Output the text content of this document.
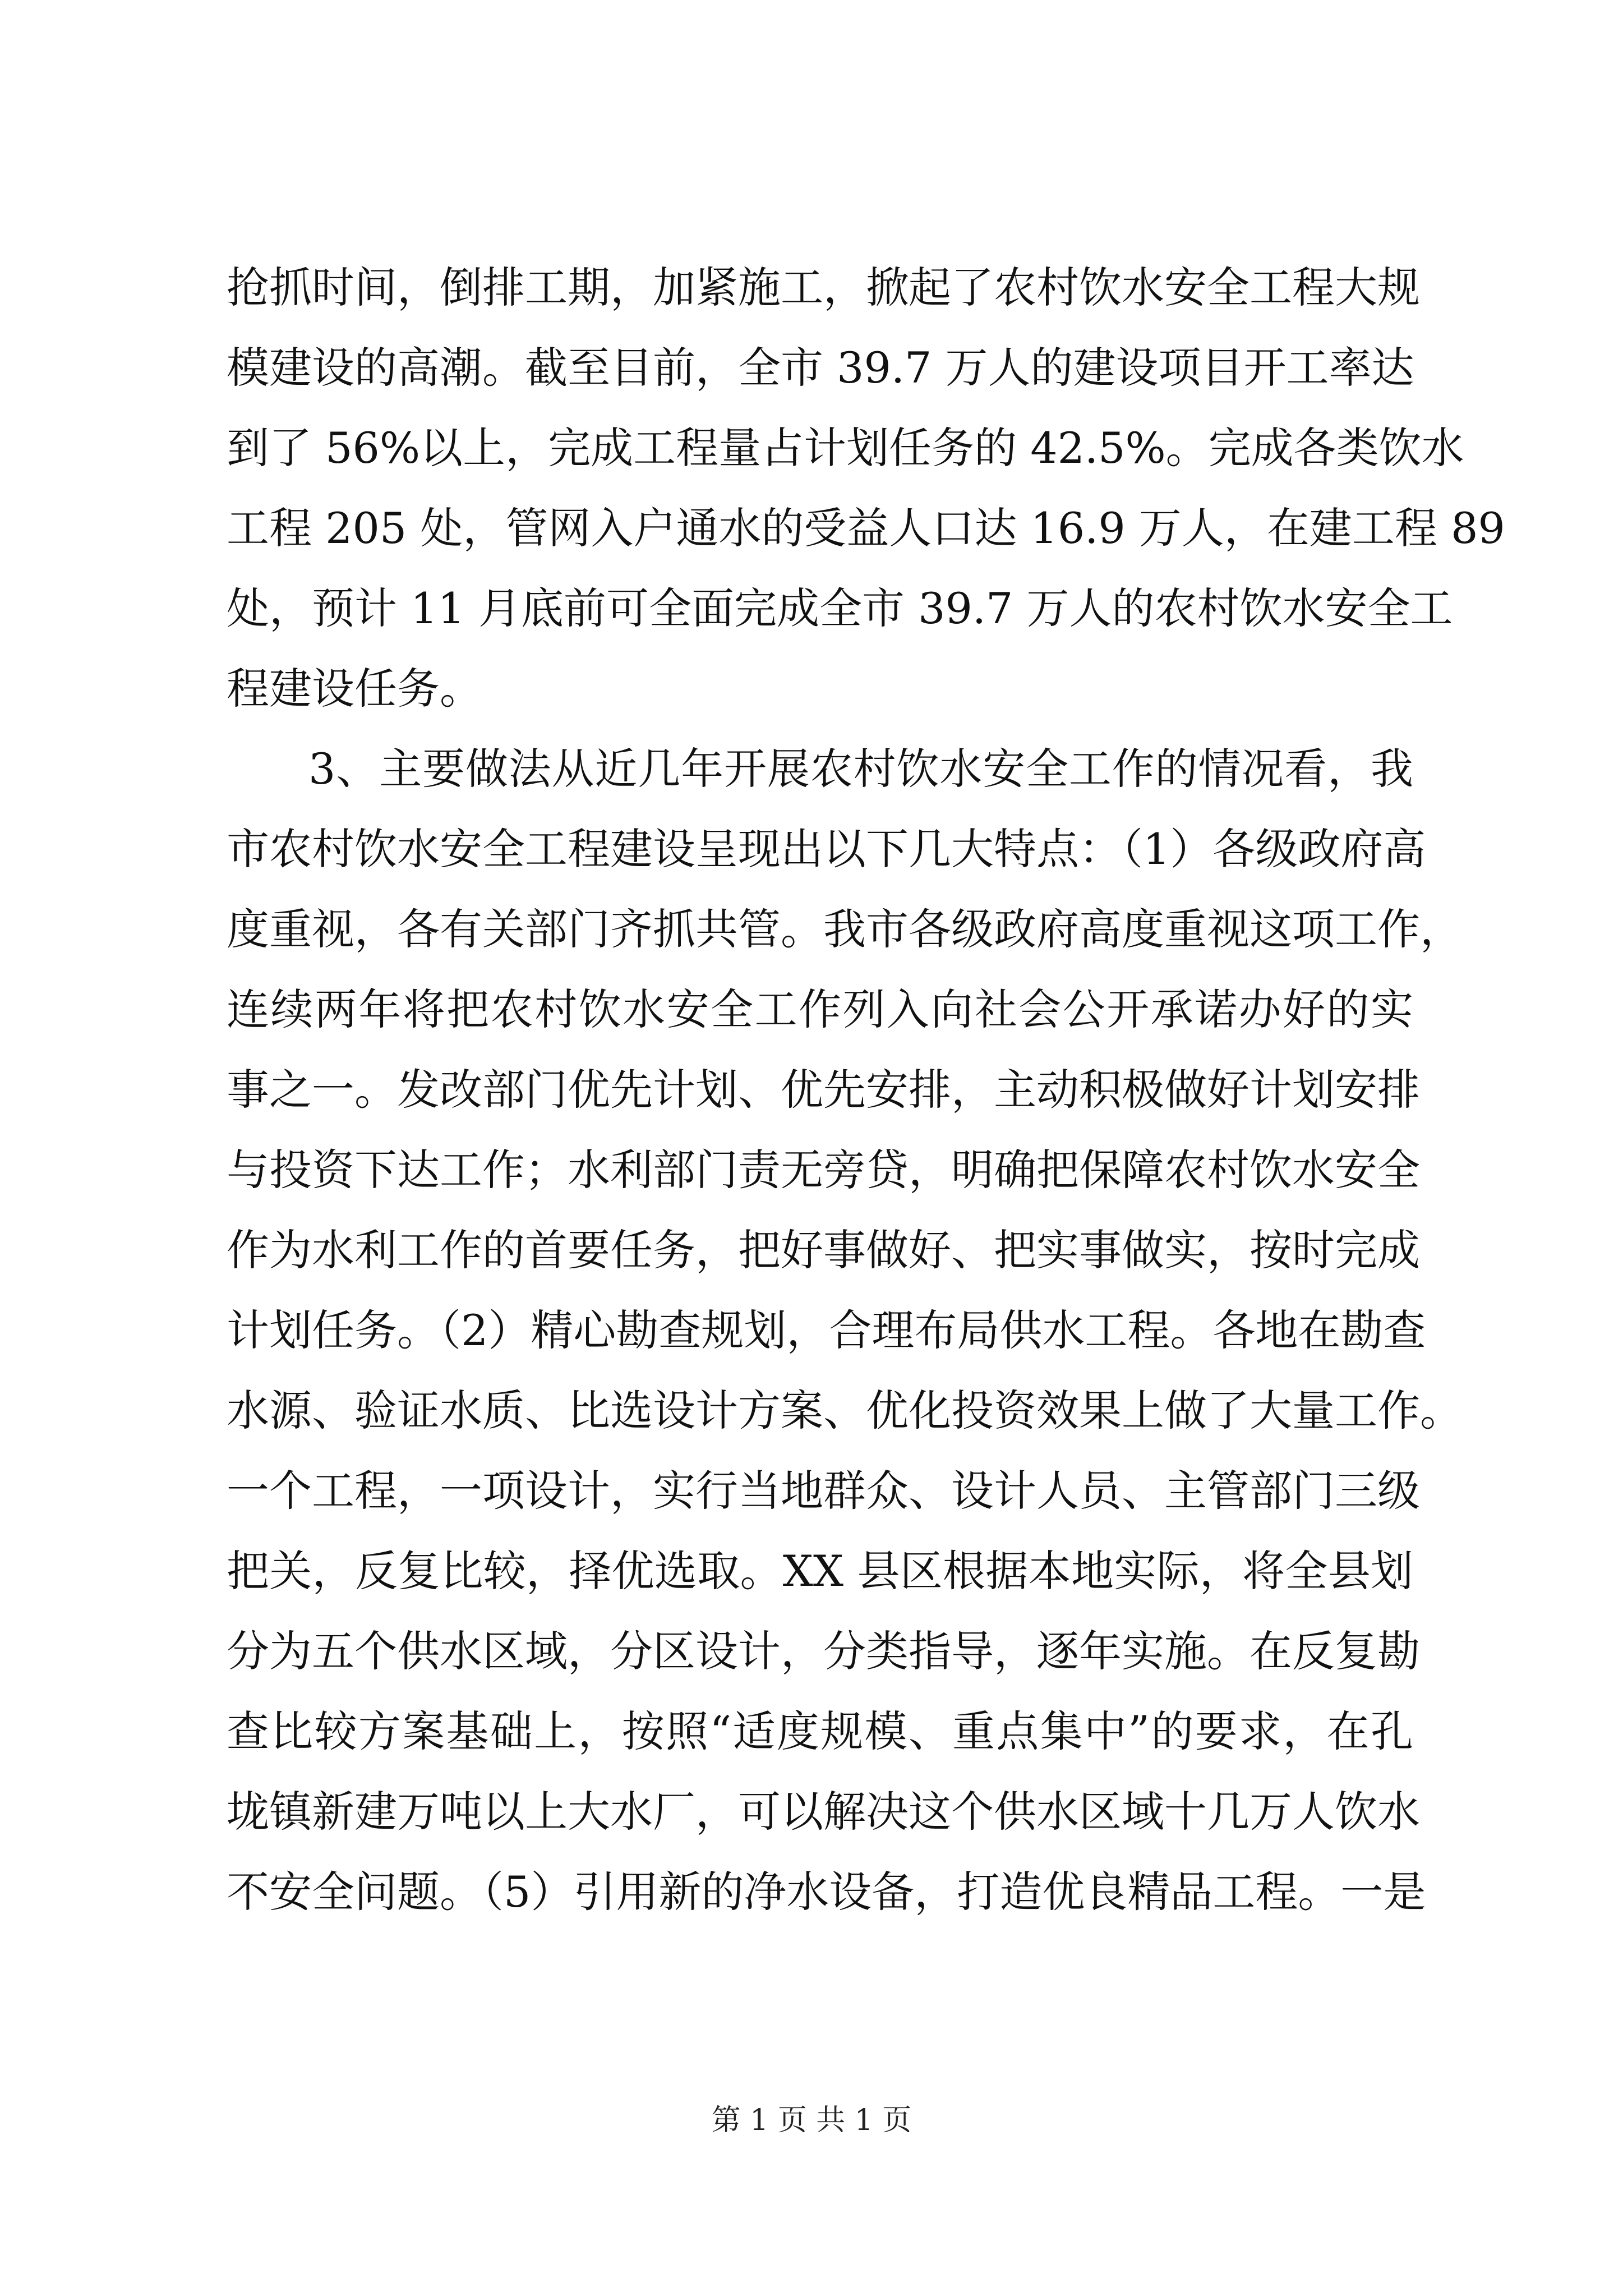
抢抓时间，倒排工期，加紧施工，掀起了农村饮水安全工程大规
模建设的高潮。截至目前，全市 39.7 万人的建设项目开工率达
到了 56%以上，完成工程量占计划任务的 42.5%。完成各类饮水
工程 205 处，管网入户通水的受益人口达 16.9 万人，在建工程 89
处，预计 11 月底前可全面完成全市 39.7 万人的农村饮水安全工
程建设任务。
3、主要做法从近几年开展农村饮水安全工作的情况看，我
市农村饮水安全工程建设呈现出以下几大特点：（1）各级政府高
度重视，各有关部门齐抓共管。我市各级政府高度重视这项工作，
连续两年将把农村饮水安全工作列入向社会公开承诺办好的实
事之一。发改部门优先计划、优先安排，主动积极做好计划安排
与投资下达工作；水利部门责无旁贷，明确把保障农村饮水安全
作为水利工作的首要任务，把好事做好、把实事做实，按时完成
计划任务。（2）精心勘查规划，合理布局供水工程。各地在勘查
水源、验证水质、比选设计方案、优化投资效果上做了大量工作。
一个工程，一项设计，实行当地群众、设计人员、主管部门三级
把关，反复比较，择优选取。XX 县区根据本地实际，将全县划
分为五个供水区域，分区设计，分类指导，逐年实施。在反复勘
查比较方案基础上，按照“适度规模、重点集中”的要求，在孔
垅镇新建万吨以上大水厂，可以解决这个供水区域十几万人饮水
不安全问题。（5）引用新的净水设备，打造优良精品工程。一是
第 1 页 共 1 页
